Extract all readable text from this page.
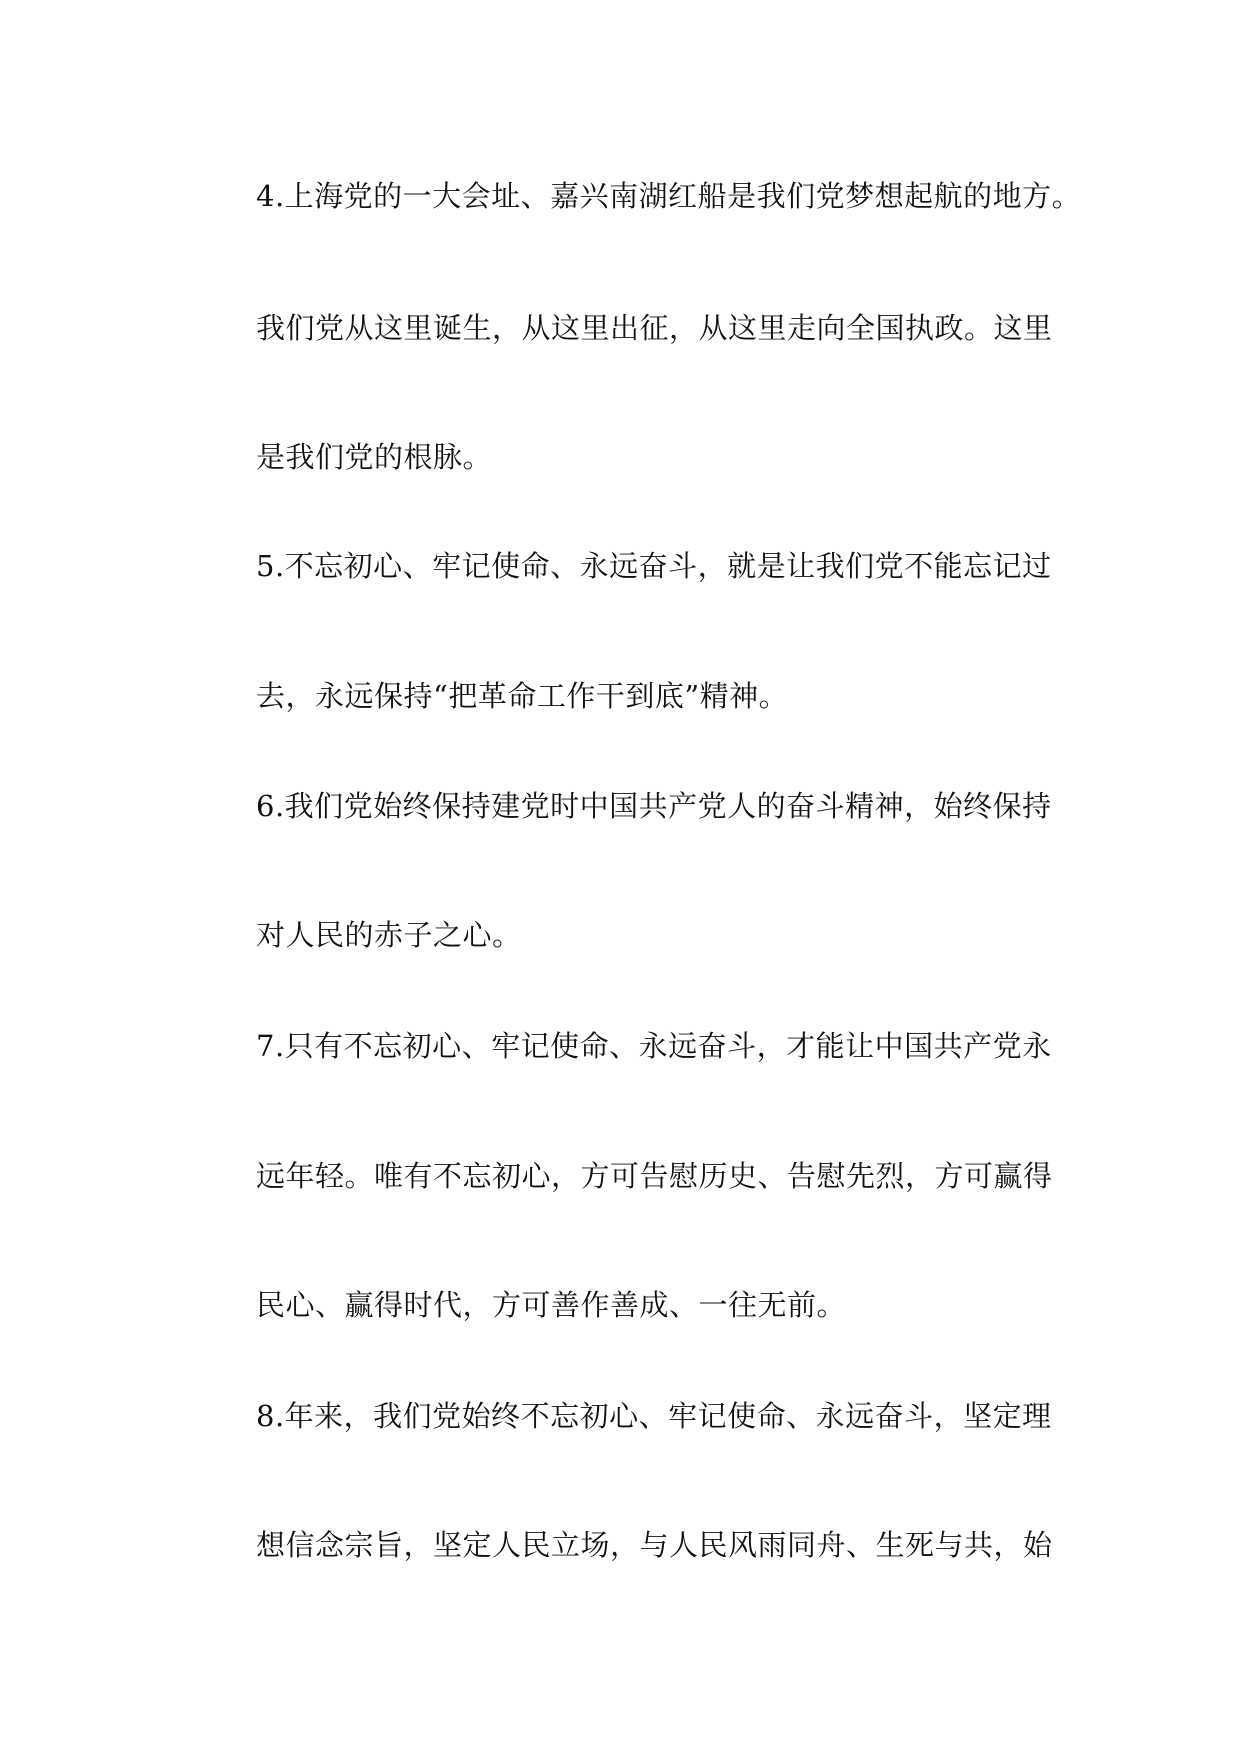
4.上海党的一大会址、嘉兴南湖红船是我们党梦想起航的地方。
我们党从这里诞生，从这里出征，从这里走向全国执政。这里
是我们党的根脉。
5.不忘初心、牢记使命、永远奋斗，就是让我们党不能忘记过
去，永远保持“把革命工作干到底”精神。
6.我们党始终保持建党时中国共产党人的奋斗精神，始终保持
对人民的赤子之心。
7.只有不忘初心、牢记使命、永远奋斗，才能让中国共产党永
远年轻。唯有不忘初心，方可告慰历史、告慰先烈，方可赢得
民心、赢得时代，方可善作善成、一往无前。
8.年来，我们党始终不忘初心、牢记使命、永远奋斗，坚定理
想信念宗旨，坚定人民立场，与人民风雨同舟、生死与共，始
